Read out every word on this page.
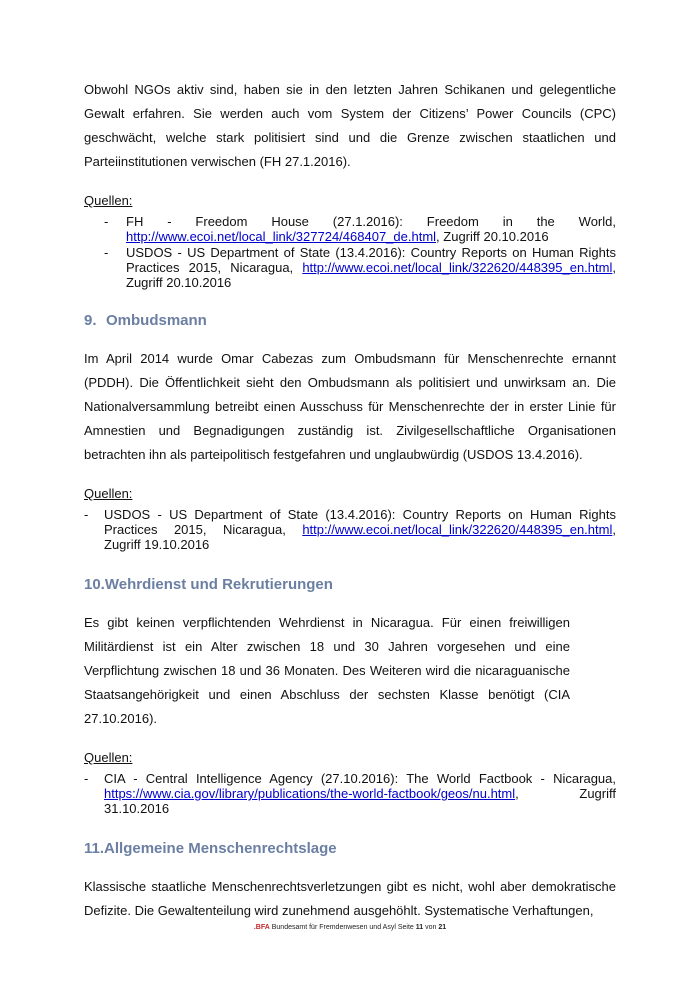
Obwohl NGOs aktiv sind, haben sie in den letzten Jahren Schikanen und gelegentliche Gewalt erfahren. Sie werden auch vom System der Citizens’ Power Councils (CPC) geschwächt, welche stark politisiert sind und die Grenze zwischen staatlichen und Parteiinstitutionen verwischen (FH 27.1.2016).

Quellen:

- FH - Freedom House (27.1.2016): Freedom in the World, http://www.ecoi.net/local_link/327724/468407_de.html, Zugriff 20.10.2016
- USDOS - US Department of State (13.4.2016): Country Reports on Human Rights Practices 2015, Nicaragua, http://www.ecoi.net/local_link/322620/448395_en.html, Zugriff 20.10.2016
9. Ombudsmann

Im April 2014 wurde Omar Cabezas zum Ombudsmann für Menschenrechte ernannt (PDDH). Die Öffentlichkeit sieht den Ombudsmann als politisiert und unwirksam an. Die Nationalversammlung betreibt einen Ausschuss für Menschenrechte der in erster Linie für Amnestien und Begnadigungen zuständig ist. Zivilgesellschaftliche Organisationen betrachten ihn als parteipolitisch festgefahren und unglaubwürdig (USDOS 13.4.2016).

Quellen:

- USDOS - US Department of State (13.4.2016): Country Reports on Human Rights Practices 2015, Nicaragua, http://www.ecoi.net/local_link/322620/448395_en.html, Zugriff 19.10.2016
10.Wehrdienst und Rekrutierungen

Es gibt keinen verpflichtenden Wehrdienst in Nicaragua. Für einen freiwilligen Militärdienst ist ein Alter zwischen 18 und 30 Jahren vorgesehen und eine Verpflichtung zwischen 18 und 36 Monaten. Des Weiteren wird die nicaraguanische Staatsangehörigkeit und einen Abschluss der sechsten Klasse benötigt (CIA 27.10.2016).

Quellen:

- CIA - Central Intelligence Agency (27.10.2016): The World Factbook - Nicaragua, https://www.cia.gov/library/publications/the-world-factbook/geos/nu.html, Zugriff 31.10.2016
11.Allgemeine Menschenrechtslage

Klassische staatliche Menschenrechtsverletzungen gibt es nicht, wohl aber demokratische Defizite. Die Gewaltenteilung wird zunehmend ausgehöhlt. Systematische Verhaftungen,

.BFA Bundesamt für Fremdenwesen und Asyl Seite 11 von 21
